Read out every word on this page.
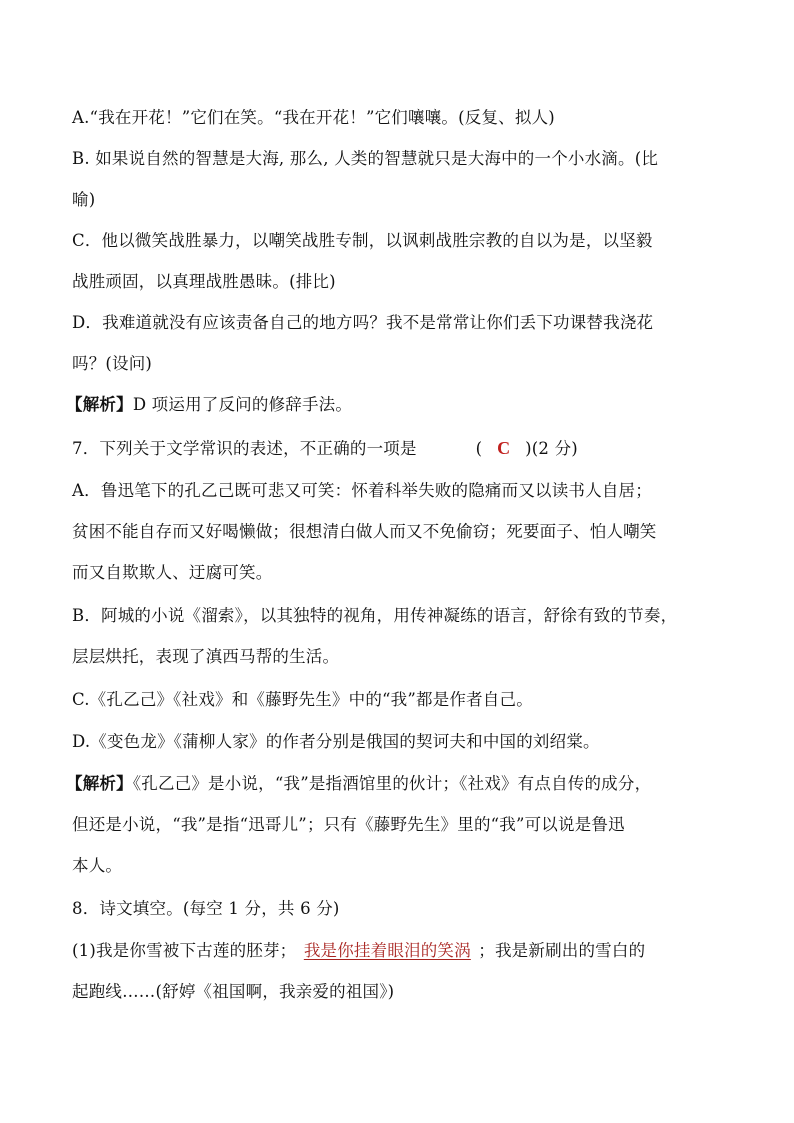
A.“我在开花！”它们在笑。“我在开花！”它们嚷嚷。(反复、拟人)
B. 如果说自然的智慧是大海, 那么, 人类的智慧就只是大海中的一个小水滴。(比
喻)
C．他以微笑战胜暴力，以嘲笑战胜专制，以讽刺战胜宗教的自以为是，以坚毅
战胜顽固，以真理战胜愚昧。(排比)
D．我难道就没有应该责备自己的地方吗？我不是常常让你们丢下功课替我浇花
吗？(设问)
【解析】D 项运用了反问的修辞手法。
7．下列关于文学常识的表述，不正确的一项是	( C )(2 分)
A．鲁迅笔下的孔乙己既可悲又可笑：怀着科举失败的隐痛而又以读书人自居；
贫困不能自存而又好喝懒做；很想清白做人而又不免偷窃；死要面子、怕人嘲笑
而又自欺欺人、迂腐可笑。
B．阿城的小说《溜索》，以其独特的视角，用传神凝练的语言，舒徐有致的节奏，
层层烘托，表现了滇西马帮的生活。
C.《孔乙己》《社戏》和《藤野先生》中的“我”都是作者自己。
D.《变色龙》《蒲柳人家》的作者分别是俄国的契诃夫和中国的刘绍棠。
【解析】《孔乙己》是小说，“我”是指酒馆里的伙计；《社戏》有点自传的成分，
但还是小说，“我”是指“迅哥儿”；只有《藤野先生》里的“我”可以说是鲁迅
本人。
8．诗文填空。(每空 1 分，共 6 分)
(1)我是你雪被下古莲的胚芽； 我是你挂着眼泪的笑涡 ；我是新刷出的雪白的
起跑线……(舒婷《祖国啊，我亲爱的祖国》)
